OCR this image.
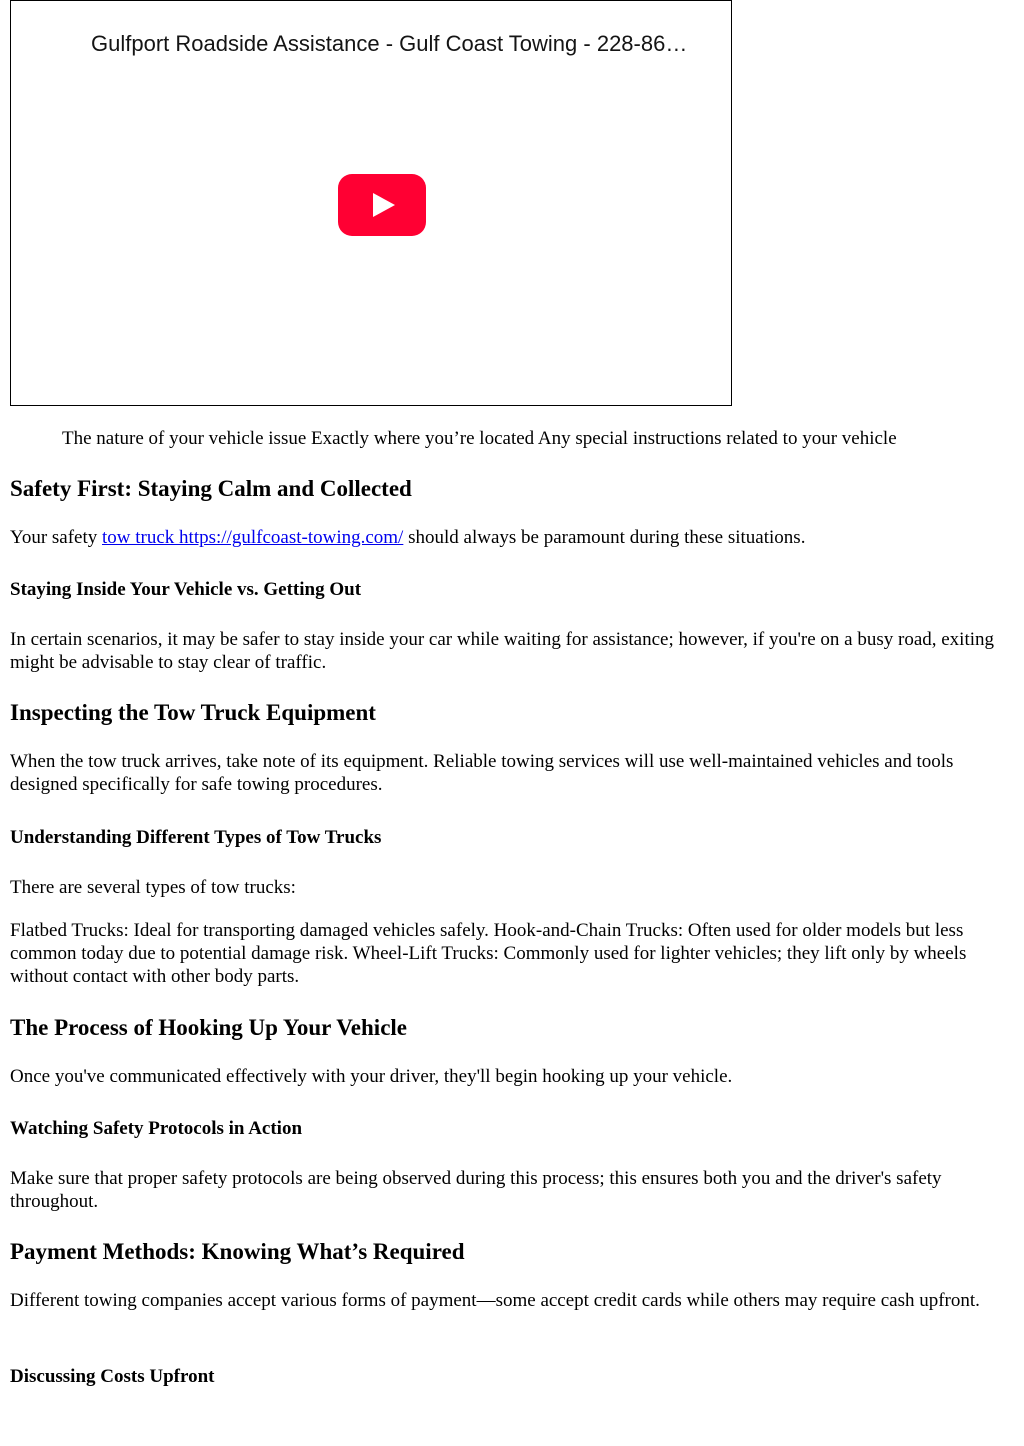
Gulfport Roadside Assistance - Gulf Coast Towing - 228-86…

The nature of your vehicle issue Exactly where you’re located Any special instructions related to your vehicle

Safety First: Staying Calm and Collected

Your safety tow truck https://gulfcoast-towing.com/ should always be paramount during these situations.

Staying Inside Your Vehicle vs. Getting Out

In certain scenarios, it may be safer to stay inside your car while waiting for assistance; however, if you're on a busy road, exiting might be advisable to stay clear of traffic.

Inspecting the Tow Truck Equipment

When the tow truck arrives, take note of its equipment. Reliable towing services will use well-maintained vehicles and tools designed specifically for safe towing procedures.

Understanding Different Types of Tow Trucks

There are several types of tow trucks:

Flatbed Trucks: Ideal for transporting damaged vehicles safely. Hook-and-Chain Trucks: Often used for older models but less common today due to potential damage risk. Wheel-Lift Trucks: Commonly used for lighter vehicles; they lift only by wheels without contact with other body parts.

The Process of Hooking Up Your Vehicle

Once you've communicated effectively with your driver, they'll begin hooking up your vehicle.

Watching Safety Protocols in Action

Make sure that proper safety protocols are being observed during this process; this ensures both you and the driver's safety throughout.

Payment Methods: Knowing What’s Required

Different towing companies accept various forms of payment—some accept credit cards while others may require cash upfront.

Discussing Costs Upfront
